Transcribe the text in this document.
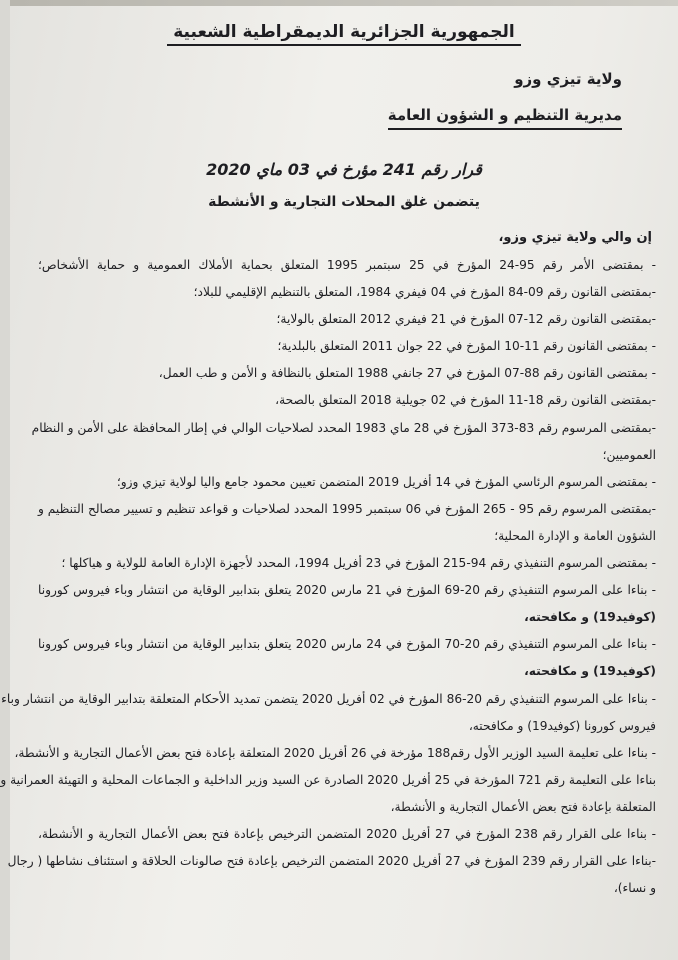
الجمهورية الجزائرية الديمقراطية الشعبية
ولاية تيزي وزو
مديرية التنظيم و الشؤون العامة
قرار رقم 241 مؤرخ في 03 ماي 2020
يتضمن غلق المحلات التجارية و الأنشطة
إن والي ولاية تيزي وزو،
- بمقتضى الأمر رقم 95-24 المؤرخ في 25 سبتمبر 1995 المتعلق بحماية الأملاك العمومية و حماية الأشخاص؛
-بمقتضى القانون رقم 09-84 المؤرخ في 04 فيفري 1984، المتعلق بالتنظيم الإقليمي للبلاد؛
-بمقتضى القانون رقم 12-07 المؤرخ في 21 فيفري 2012 المتعلق بالولاية؛
- بمقتضى القانون رقم 11-10 المؤرخ في 22 جوان 2011 المتعلق بالبلدية؛
- بمقتضى القانون رقم 88-07 المؤرخ في 27 جانفي 1988 المتعلق بالنظافة و الأمن و طب العمل،
-بمقتضى القانون رقم 18-11 المؤرخ في 02 جويلية 2018 المتعلق بالصحة،
-بمقتضى المرسوم رقم 83-373 المؤرخ في 28 ماي 1983 المحدد لصلاحيات الوالي في إطار المحافظة على الأمن و النظام
العموميين؛
- بمقتضى المرسوم الرئاسي المؤرخ في 14 أفريل 2019 المتضمن تعيين محمود جامع واليا لولاية تيزي وزو؛
-بمقتضى المرسوم رقم 95 - 265 المؤرخ في 06 سبتمبر 1995 المحدد لصلاحيات و قواعد تنظيم و تسيير مصالح التنظيم و
الشؤون العامة و الإدارة المحلية؛
- بمقتضى المرسوم التنفيذي رقم 94-215 المؤرخ في 23 أفريل 1994، المحدد لأجهزة الإدارة العامة للولاية و هياكلها ؛
- بناءا على المرسوم التنفيذي رقم 20-69 المؤرخ في 21 مارس 2020 يتعلق بتدابير الوقاية من انتشار وباء فيروس كورونا
(كوفيد19) و مكافحته،
- بناءا على المرسوم التنفيذي رقم 20-70 المؤرخ في 24 مارس 2020 يتعلق بتدابير الوقاية من انتشار وباء فيروس كورونا
(كوفيد19) و مكافحته،
- بناءا على المرسوم التنفيذي رقم 20-86 المؤرخ في 02 أفريل 2020 يتضمن تمديد الأحكام المتعلقة بتدابير الوقاية من انتشار وباء
فيروس كورونا (كوفيد19) و مكافحته،
- بناءا على تعليمة السيد الوزير الأول رقم188 مؤرخة في 26 أفريل 2020 المتعلقة بإعادة فتح بعض الأعمال التجارية و الأنشطة،
بناءا على التعليمة رقم 721 المؤرخة في 25 أفريل 2020 الصادرة عن السيد وزير الداخلية و الجماعات المحلية و التهيئة العمرانية و
المتعلقة بإعادة فتح بعض الأعمال التجارية و الأنشطة،
- بناءا على القرار رقم 238 المؤرخ في 27 أفريل 2020 المتضمن الترخيص بإعادة فتح بعض الأعمال التجارية و الأنشطة،
-بناءا على القرار رقم 239 المؤرخ في 27 أفريل 2020 المتضمن الترخيص بإعادة فتح صالونات الحلاقة و استئناف نشاطها ( رجال
و نساء)،
